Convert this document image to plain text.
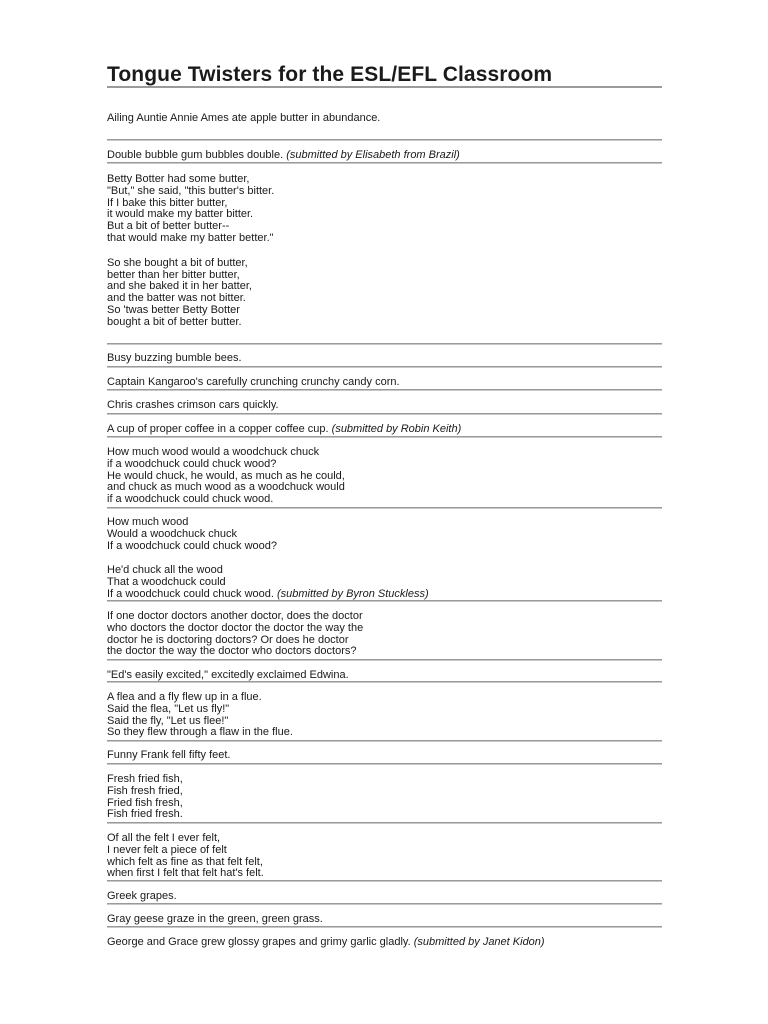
Tongue Twisters for the ESL/EFL Classroom
Ailing Auntie Annie Ames ate apple butter in abundance.
Double bubble gum bubbles double. (submitted by Elisabeth from Brazil)
Betty Botter had some butter,
"But," she said, "this butter's bitter.
If I bake this bitter butter,
it would make my batter bitter.
But a bit of better butter--
that would make my batter better."
So she bought a bit of butter,
better than her bitter butter,
and she baked it in her batter,
and the batter was not bitter.
So 'twas better Betty Botter
bought a bit of better butter.
Busy buzzing bumble bees.
Captain Kangaroo's carefully crunching crunchy candy corn.
Chris crashes crimson cars quickly.
A cup of proper coffee in a copper coffee cup. (submitted by Robin Keith)
How much wood would a woodchuck chuck
if a woodchuck could chuck wood?
He would chuck, he would, as much as he could,
and chuck as much wood as a woodchuck would
if a woodchuck could chuck wood.
How much wood
Would a woodchuck chuck
If a woodchuck could chuck wood?
He'd chuck all the wood
That a woodchuck could
If a woodchuck could chuck wood. (submitted by Byron Stuckless)
If one doctor doctors another doctor, does the doctor
who doctors the doctor doctor the doctor the way the
doctor he is doctoring doctors? Or does he doctor
the doctor the way the doctor who doctors doctors?
"Ed's easily excited," excitedly exclaimed Edwina.
A flea and a fly flew up in a flue.
Said the flea, "Let us fly!"
Said the fly, "Let us flee!"
So they flew through a flaw in the flue.
Funny Frank fell fifty feet.
Fresh fried fish,
Fish fresh fried,
Fried fish fresh,
Fish fried fresh.
Of all the felt I ever felt,
I never felt a piece of felt
which felt as fine as that felt felt,
when first I felt that felt hat's felt.
Greek grapes.
Gray geese graze in the green, green grass.
George and Grace grew glossy grapes and grimy garlic gladly. (submitted by Janet Kidon)
